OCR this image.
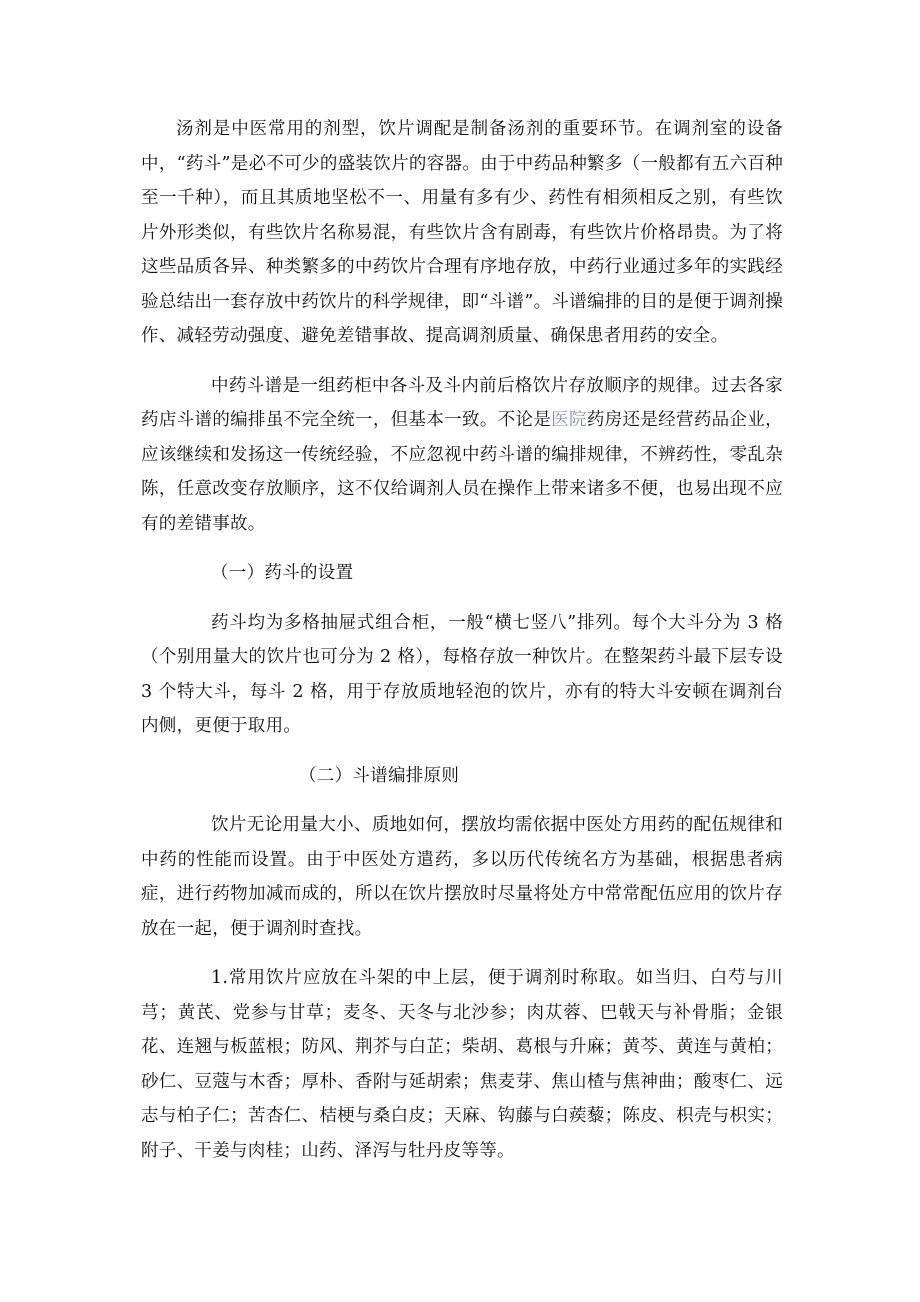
汤剂是中医常用的剂型，饮片调配是制备汤剂的重要环节。在调剂室的设备中，“药斗”是必不可少的盛装饮片的容器。由于中药品种繁多（一般都有五六百种至一千种），而且其质地坚松不一、用量有多有少、药性有相须相反之别，有些饮片外形类似，有些饮片名称易混，有些饮片含有剧毒，有些饮片价格昂贵。为了将这些品质各异、种类繁多的中药饮片合理有序地存放，中药行业通过多年的实践经验总结出一套存放中药饮片的科学规律，即“斗谱”。斗谱编排的目的是便于调剂操作、减轻劳动强度、避免差错事故、提高调剂质量、确保患者用药的安全。

中药斗谱是一组药柜中各斗及斗内前后格饮片存放顺序的规律。过去各家药店斗谱的编排虽不完全统一，但基本一致。不论是医院药房还是经营药品企业，应该继续和发扬这一传统经验，不应忽视中药斗谱的编排规律，不辨药性，零乱杂陈，任意改变存放顺序，这不仅给调剂人员在操作上带来诸多不便，也易出现不应有的差错事故。

（一）药斗的设置

药斗均为多格抽屉式组合柜，一般“横七竖八”排列。每个大斗分为 3 格（个别用量大的饮片也可分为 2 格），每格存放一种饮片。在整架药斗最下层专设 3 个特大斗，每斗 2 格，用于存放质地轻泡的饮片，亦有的特大斗安顿在调剂台内侧，更便于取用。

（二）斗谱编排原则

饮片无论用量大小、质地如何，摆放均需依据中医处方用药的配伍规律和中药的性能而设置。由于中医处方遣药，多以历代传统名方为基础，根据患者病症，进行药物加减而成的，所以在饮片摆放时尽量将处方中常常配伍应用的饮片存放在一起，便于调剂时查找。

1.常用饮片应放在斗架的中上层，便于调剂时称取。如当归、白芍与川芎；黄芪、党参与甘草；麦冬、天冬与北沙参；肉苁蓉、巴戟天与补骨脂；金银花、连翘与板蓝根；防风、荆芥与白芷；柴胡、葛根与升麻；黄芩、黄连与黄柏；砂仁、豆蔻与木香；厚朴、香附与延胡索；焦麦芽、焦山楂与焦神曲；酸枣仁、远志与柏子仁；苦杏仁、桔梗与桑白皮；天麻、钩藤与白蒺藜；陈皮、枳壳与枳实；附子、干姜与肉桂；山药、泽泻与牡丹皮等等。
